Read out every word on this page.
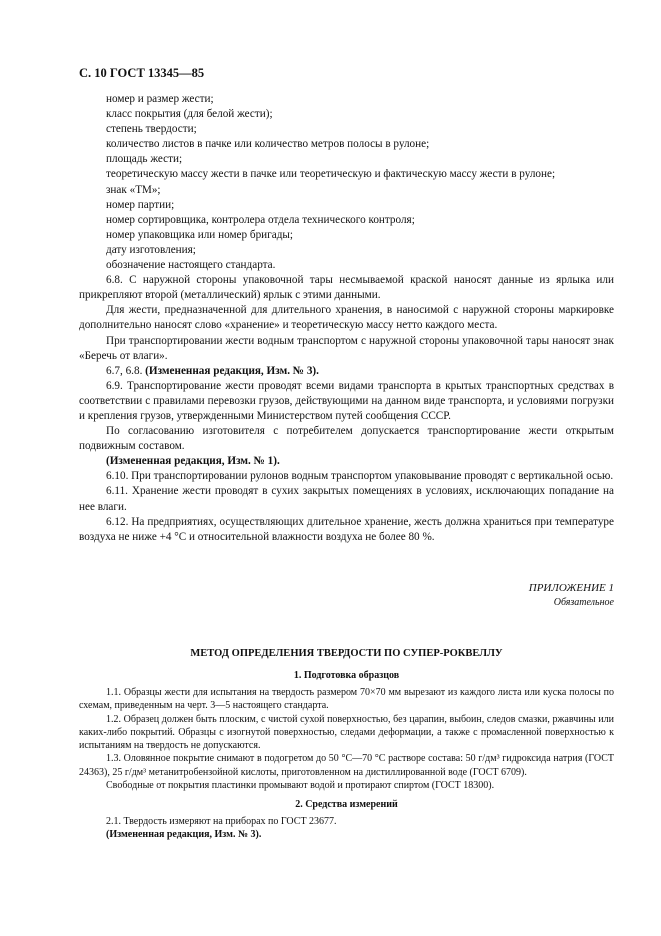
С. 10 ГОСТ 13345—85

номер и размер жести;

класс покрытия (для белой жести);

степень твердости;

количество листов в пачке или количество метров полосы в рулоне;

площадь жести;

теоретическую массу жести в пачке или теоретическую и фактическую массу жести в рулоне;

знак «ТМ»;

номер партии;

номер сортировщика, контролера отдела технического контроля;

номер упаковщика или номер бригады;

дату изготовления;

обозначение настоящего стандарта.

6.8. С наружной стороны упаковочной тары несмываемой краской наносят данные из ярлыка или прикрепляют второй (металлический) ярлык с этими данными.

Для жести, предназначенной для длительного хранения, в наносимой с наружной стороны маркировке дополнительно наносят слово «хранение» и теоретическую массу нетто каждого места.

При транспортировании жести водным транспортом с наружной стороны упаковочной тары наносят знак «Беречь от влаги».

6.7, 6.8. (Измененная редакция, Изм. № 3).

6.9. Транспортирование жести проводят всеми видами транспорта в крытых транспортных средствах в соответствии с правилами перевозки грузов, действующими на данном виде транспорта, и условиями погрузки и крепления грузов, утвержденными Министерством путей сообщения СССР.

По согласованию изготовителя с потребителем допускается транспортирование жести открытым подвижным составом.

(Измененная редакция, Изм. № 1).

6.10. При транспортировании рулонов водным транспортом упаковывание проводят с вертикальной осью.

6.11. Хранение жести проводят в сухих закрытых помещениях в условиях, исключающих попадание на нее влаги.

6.12. На предприятиях, осуществляющих длительное хранение, жесть должна храниться при температуре воздуха не ниже +4 °С и относительной влажности воздуха не более 80 %.

ПРИЛОЖЕНИЕ 1
Обязательное
МЕТОД ОПРЕДЕЛЕНИЯ ТВЕРДОСТИ ПО СУПЕР-РОКВЕЛЛУ
1. Подготовка образцов

1.1. Образцы жести для испытания на твердость размером 70×70 мм вырезают из каждого листа или куска полосы по схемам, приведенным на черт. 3—5 настоящего стандарта.

1.2. Образец должен быть плоским, с чистой сухой поверхностью, без царапин, выбоин, следов смазки, ржавчины или каких-либо покрытий. Образцы с изогнутой поверхностью, следами деформации, а также с промасленной поверхностью к испытаниям на твердость не допускаются.

1.3. Оловянное покрытие снимают в подогретом до 50 °С—70 °С растворе состава: 50 г/дм³ гидроксида натрия (ГОСТ 24363), 25 г/дм³ метанитробензойной кислоты, приготовленном на дистиллированной воде (ГОСТ 6709).

Свободные от покрытия пластинки промывают водой и протирают спиртом (ГОСТ 18300).

2. Средства измерений

2.1. Твердость измеряют на приборах по ГОСТ 23677.

(Измененная редакция, Изм. № 3).
